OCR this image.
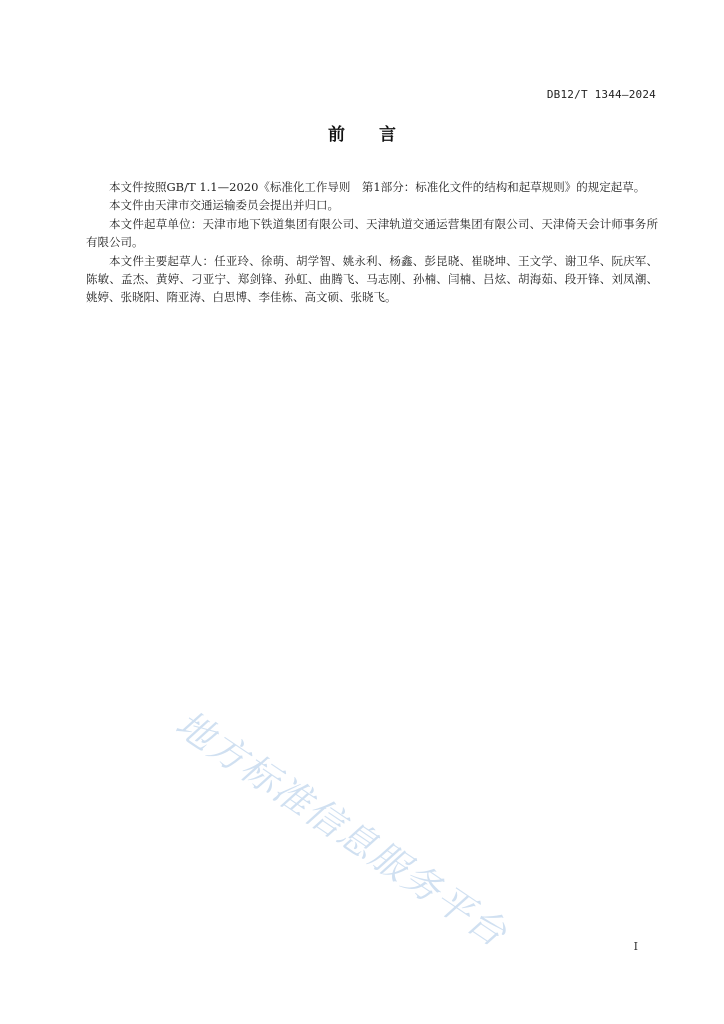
DB12/T 1344—2024
前言

本文件按照GB/T 1.1—2020《标准化工作导则　第1部分：标准化文件的结构和起草规则》的规定起草。

本文件由天津市交通运输委员会提出并归口。

本文件起草单位：天津市地下铁道集团有限公司、天津轨道交通运营集团有限公司、天津倚天会计师事务所有限公司。

本文件主要起草人：任亚玲、徐萌、胡学智、姚永利、杨鑫、彭昆晓、崔晓坤、王文学、谢卫华、阮庆军、陈敏、孟杰、黄婷、刁亚宁、郑剑锋、孙虹、曲腾飞、马志刚、孙楠、闫楠、吕炫、胡海茹、段开锋、刘凤潮、姚婷、张晓阳、隋亚涛、白思博、李佳栋、高文硕、张晓飞。

地方标准信息服务平台	I
